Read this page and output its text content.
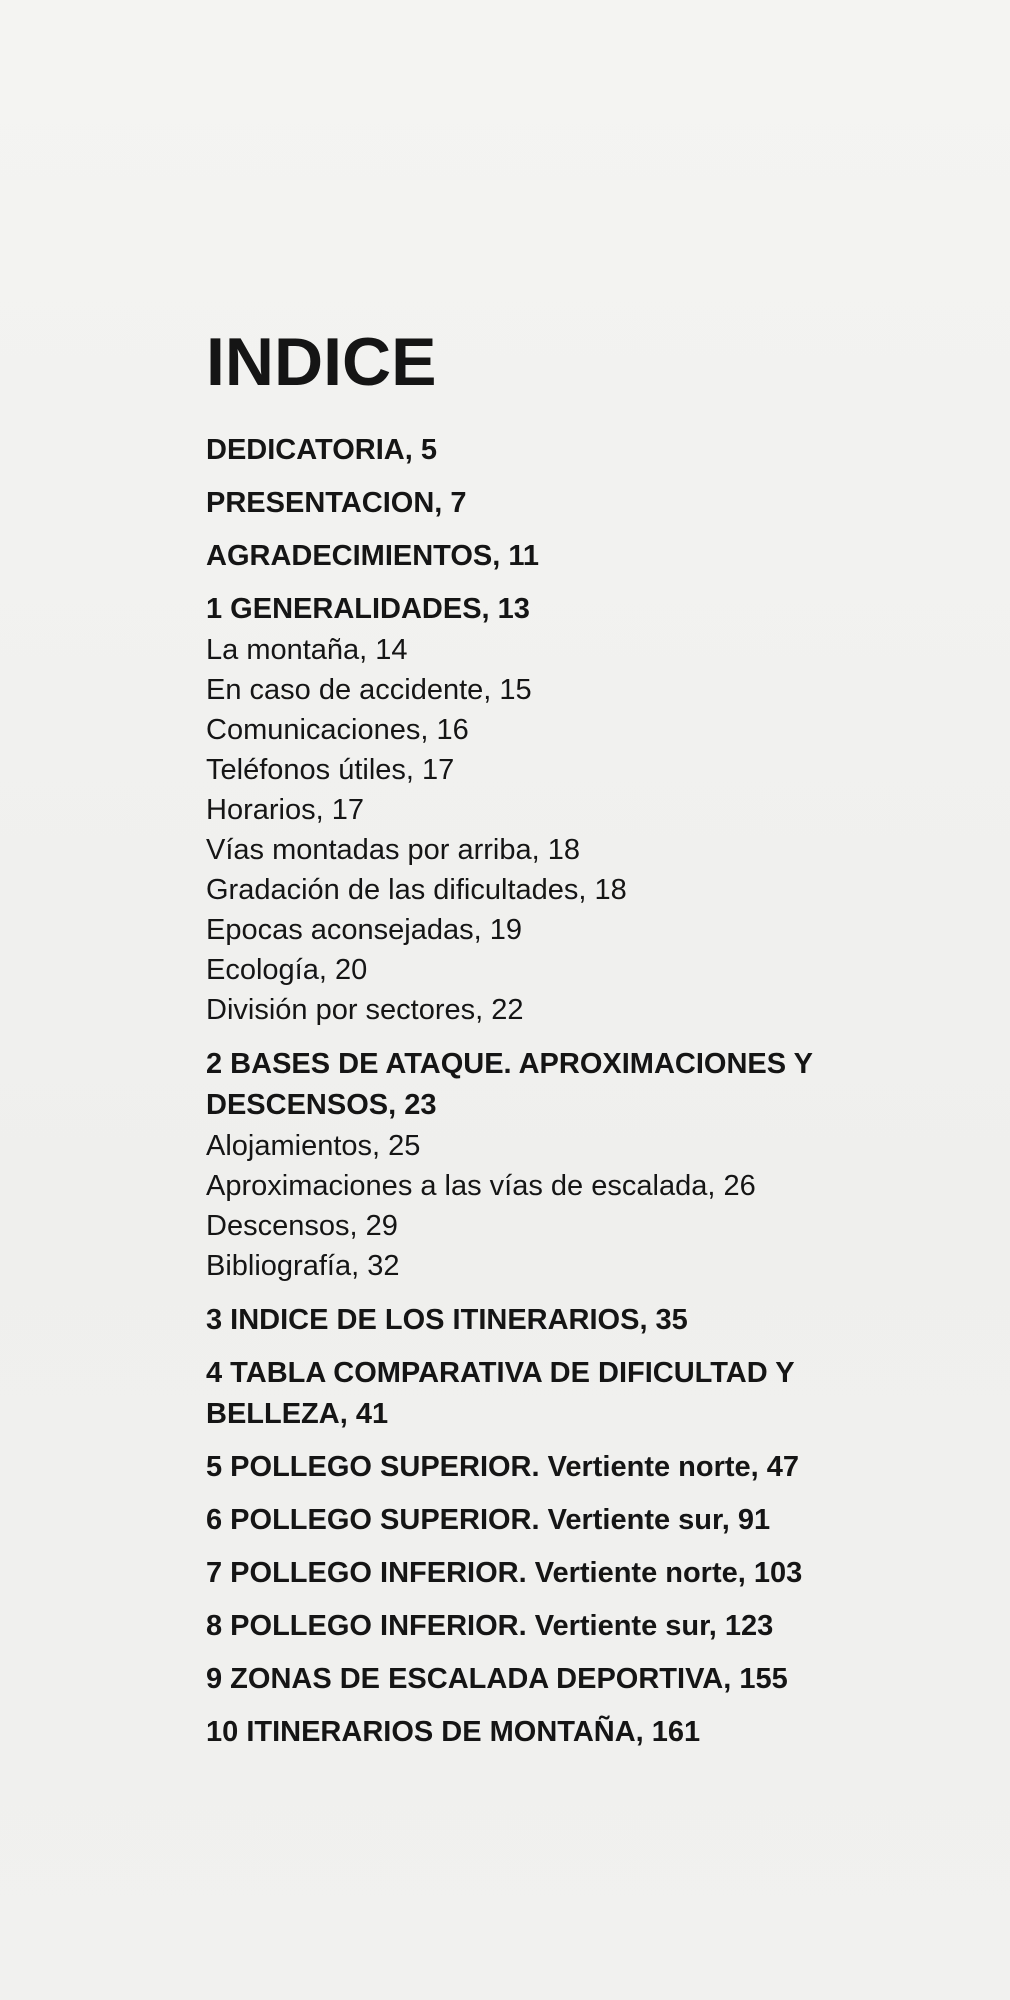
INDICE
DEDICATORIA, 5
PRESENTACION, 7
AGRADECIMIENTOS, 11
1 GENERALIDADES, 13
La montaña, 14
En caso de accidente, 15
Comunicaciones, 16
Teléfonos útiles, 17
Horarios, 17
Vías montadas por arriba, 18
Gradación de las dificultades, 18
Epocas aconsejadas, 19
Ecología, 20
División por sectores, 22
2 BASES DE ATAQUE. APROXIMACIONES Y DESCENSOS, 23
Alojamientos, 25
Aproximaciones a las vías de escalada, 26
Descensos, 29
Bibliografía, 32
3 INDICE DE LOS ITINERARIOS, 35
4 TABLA COMPARATIVA DE DIFICULTAD Y BELLEZA, 41
5 POLLEGO SUPERIOR. Vertiente norte, 47
6 POLLEGO SUPERIOR. Vertiente sur, 91
7 POLLEGO INFERIOR. Vertiente norte, 103
8 POLLEGO INFERIOR. Vertiente sur, 123
9 ZONAS DE ESCALADA DEPORTIVA, 155
10 ITINERARIOS DE MONTAÑA, 161
